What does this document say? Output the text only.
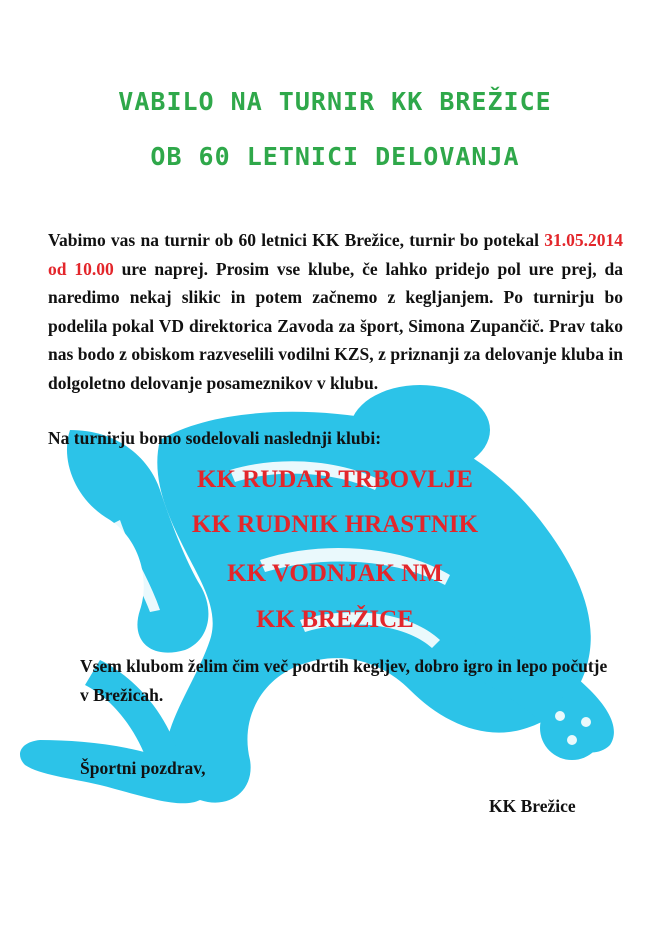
VABILO NA TURNIR KK BREŽICE
OB 60 LETNICI DELOVANJA
Vabimo vas na turnir ob 60 letnici KK Brežice, turnir bo potekal 31.05.2014 od 10.00 ure naprej. Prosim vse klube, če lahko pridejo pol ure prej, da naredimo nekaj slikic in potem začnemo z kegljanjem. Po turnirju bo podelila pokal VD direktorica Zavoda za šport, Simona Zupančič. Prav tako nas bodo z obiskom razveselili vodilni KZS, z priznanji za delovanje kluba in dolgoletno delovanje posameznikov v klubu.
Na turnirju bomo sodelovali naslednji klubi:
KK RUDAR TRBOVLJE
KK RUDNIK HRASTNIK
KK VODNJAK NM
KK BREŽICE
Vsem klubom želim čim več podrtih kegljev, dobro igro in lepo počutje v Brežicah.
Športni pozdrav,
KK Brežice
